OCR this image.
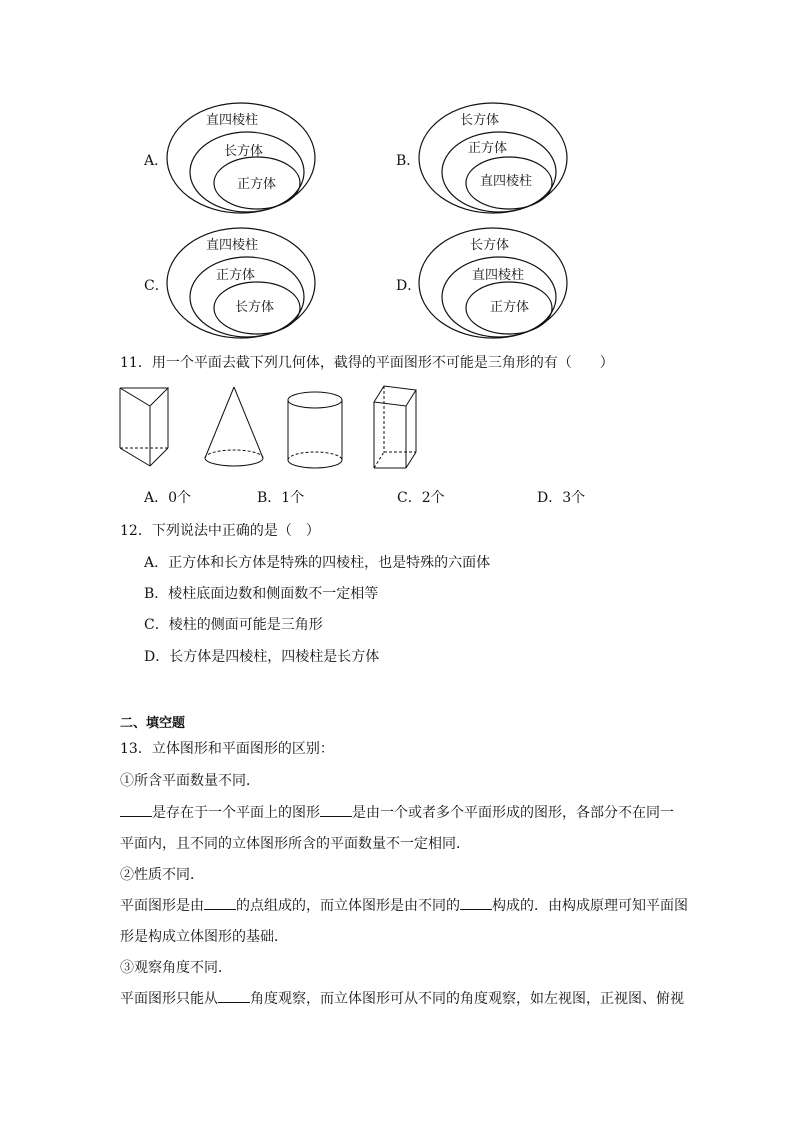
A．
直四棱柱
长方体
正方体
B．
长方体
正方体
直四棱柱
C．
直四棱柱
正方体
长方体
D．
长方体
直四棱柱
正方体
11．用一个平面去截下列几何体，截得的平面图形不可能是三角形的有（　　）
A．0个	B．1个	C．2个	D．3个
12．下列说法中正确的是（　）
A．正方体和长方体是特殊的四棱柱，也是特殊的六面体
B．棱柱底面边数和侧面数不一定相等
C．棱柱的侧面可能是三角形
D．长方体是四棱柱，四棱柱是长方体
二、填空题
13．立体图形和平面图形的区别：
①所含平面数量不同．
是存在于一个平面上的图形 是由一个或者多个平面形成的图形，各部分不在同一
平面内，且不同的立体图形所含的平面数量不一定相同．
②性质不同．
平面图形是由 的点组成的，而立体图形是由不同的 构成的．由构成原理可知平面图
形是构成立体图形的基础．
③观察角度不同．
平面图形只能从 角度观察，而立体图形可从不同的角度观察，如左视图，正视图、俯视
